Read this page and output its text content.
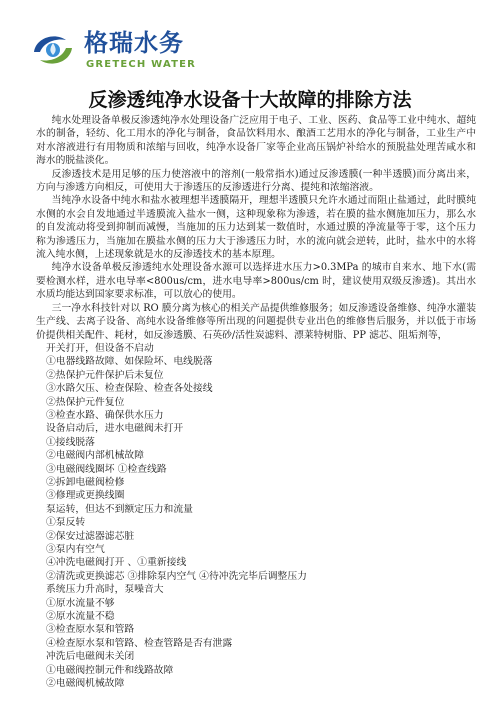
格瑞水务
GRETECH WATER
反渗透纯净水设备十大故障的排除方法

纯水处理设备单极反渗透纯净水处理设备广泛应用于电子、工业、医药、食品等工业中纯水、超纯水的制备，轻纺、化工用水的净化与制备，食品饮料用水、酿酒工艺用水的净化与制备，工业生产中对水溶液进行有用物质和浓缩与回收，纯净水设备厂家等企业高压锅炉补给水的预脱盐处理苦咸水和海水的脱盐淡化。

反渗透技术是用足够的压力使溶液中的溶剂(一般常指水)通过反渗透膜(一种半透膜)而分离出来，方向与渗透方向相反，可使用大于渗透压的反渗透进行分离、提纯和浓缩溶液。

当纯净水设备中纯水和盐水被理想半透膜隔开，理想半透膜只允许水通过而阻止盐通过，此时膜纯水侧的水会自发地通过半透膜流入盐水一侧，这种现象称为渗透，若在膜的盐水侧施加压力，那么水的自发流动将受到抑制而减慢，当施加的压力达到某一数值时，水通过膜的净流量等于零，这个压力称为渗透压力，当施加在膜盐水侧的压力大于渗透压力时，水的流向就会逆转，此时，盐水中的水将流入纯水侧，上述现象就是水的反渗透技术的基本原理。

纯净水设备单极反渗透纯水处理设备水源可以选择进水压力>0.3MPa 的城市自来水、地下水(需要检测水样，进水电导率<800us/cm，进水电导率>800us/cm 时，建议使用双级反渗透)。其出水水质均能达到国家要求标准，可以放心的使用。

三一净水科技针对以 RO 膜分离为核心的相关产品提供维修服务；如反渗透设备维修、纯净水灌装生产线、去离子设备、高纯水设备维修等所出现的问题提供专业出色的维修售后服务，并以低于市场价提供相关配件、耗材，如反渗透膜、石英砂/活性炭滤料、漂莱特树脂、PP 滤芯、阻垢剂等，

开关打开，但设备不启动

①电器线路故障、如保险坏、电线脱落

②热保护元件保护后未复位

③水路欠压、检查保险、检查各处接线

②热保护元件复位

③检查水路、确保供水压力

设备启动后，进水电磁阀未打开

①接线脱落

②电磁阀内部机械故障

③电磁阀线圈坏 ①检查线路

②拆卸电磁阀检修

③修理或更换线圈

泵运转，但达不到额定压力和流量

①泵反转

②保安过滤器滤芯脏

③泵内有空气

④冲洗电磁阀打开 、①重新接线

②清洗或更换滤芯 ③排除泵内空气 ④待冲洗完毕后调整压力

系统压力升高时，泵噪音大

①原水流量不够

②原水流量不稳

③检查原水泵和管路

④检查原水泵和管路、检查管路是否有泄露

冲洗后电磁阀未关闭

①电磁阀控制元件和线路故障

②电磁阀机械故障
